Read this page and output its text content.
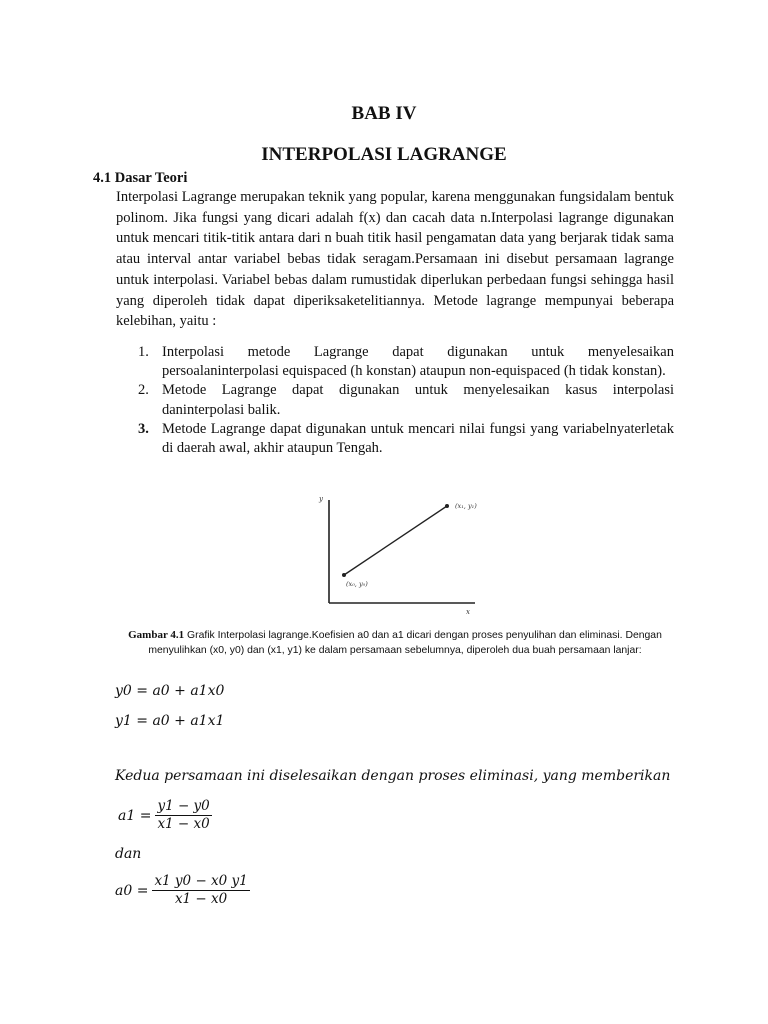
BAB IV
INTERPOLASI LAGRANGE
4.1 Dasar Teori
Interpolasi Lagrange merupakan teknik yang popular, karena menggunakan fungsidalam bentuk polinom. Jika fungsi yang dicari adalah f(x) dan cacah data n.Interpolasi lagrange digunakan untuk mencari titik-titik antara dari n buah titik hasil pengamatan data yang berjarak tidak sama atau interval antar variabel bebas tidak seragam.Persamaan ini disebut persamaan lagrange untuk interpolasi. Variabel bebas dalam rumustidak diperlukan perbedaan fungsi sehingga hasil yang diperoleh tidak dapat diperiksaketelitiannya. Metode lagrange mempunyai beberapa kelebihan, yaitu :
1. Interpolasi metode Lagrange dapat digunakan untuk menyelesaikan persoalaninterpolasi equispaced (h konstan) ataupun non-equispaced (h tidak konstan).
2. Metode Lagrange dapat digunakan untuk menyelesaikan kasus interpolasi daninterpolasi balik.
3. Metode Lagrange dapat digunakan untuk mencari nilai fungsi yang variabelnyaterletak di daerah awal, akhir ataupun Tengah.
y
x
(x₀, y₀)
(x₁, y₁)
Gambar 4.1 Grafik Interpolasi lagrange.Koefisien a0 dan a1 dicari dengan proses penyulihan dan eliminasi. Dengan menyulihkan (x0, y0) dan (x1, y1) ke dalam persamaan sebelumnya, diperoleh dua buah persamaan lanjar:
y0 = a0 + a1x0
y1 = a0 + a1x1
Kedua persamaan ini diselesaikan dengan proses eliminasi, yang memberikan
$a1 = \frac{y1 - y0}{x1 - x0}$
dan
$a0 = \frac{x1 y0 - x0 y1}{x1 - x0}$
